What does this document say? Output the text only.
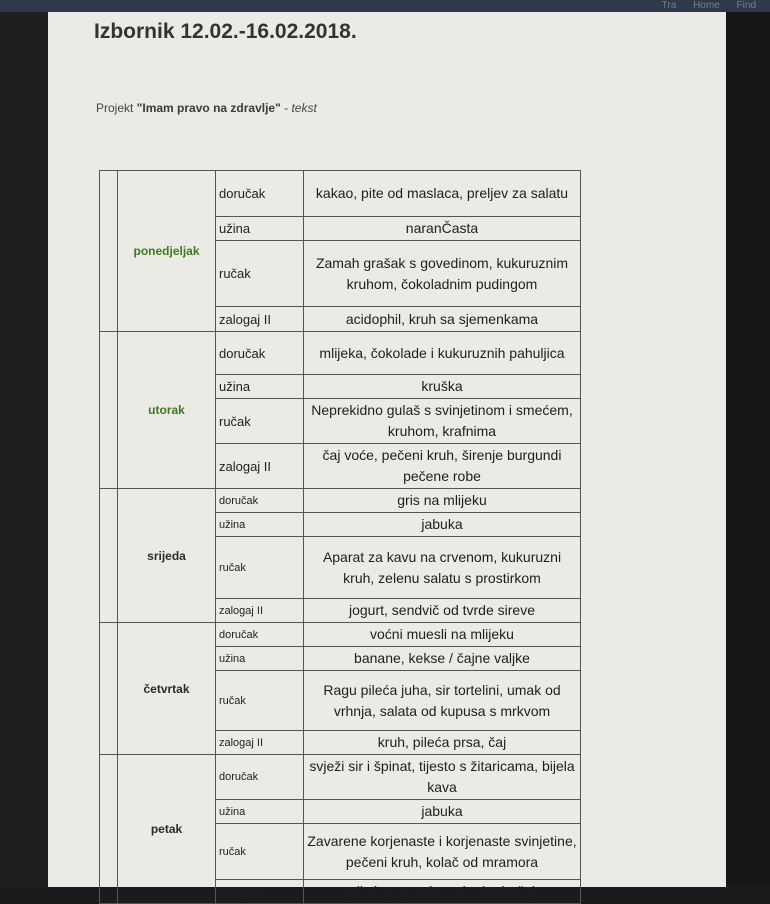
Tra Home Find
Izbornik 12.02.-16.02.2018.
Projekt "Imam pravo na zdravlje" - tekst
	ponedjeljak	doručak	kakao, pite od maslaca, preljev za salatu
		užina	naranČasta
		ručak	Zamah grašak s govedinom, kukuruznim kruhom, čokoladnim pudingom
		zalogaj II	acidophil, kruh sa sjemenkama
	utorak	doručak	mlijeka, čokolade i kukuruznih pahuljica
		užina	kruška
		ručak	Neprekidno gulaš s svinjetinom i smećem, kruhom, krafnima
		zalogaj II	čaj voće, pečeni kruh, širenje burgundi pečene robe
	srijeda	doručak	gris na mlijeku
		užina	jabuka
		ručak	Aparat za kavu na crvenom, kukuruzni kruh, zelenu salatu s prostirkom
		zalogaj II	jogurt, sendvič od tvrde sireve
	četvrtak	doručak	voćni muesli na mlijeku
		užina	banane, kekse / čajne valjke
		ručak	Ragu pileća juha, sir tortelini, umak od vrhnja, salata od kupusa s mrkvom
		zalogaj II	kruh, pileća prsa, čaj
	petak	doručak	svježi sir i špinat, tijesto s žitaricama, bijela kava
		užina	jabuka
		ručak	Zavarene korjenaste i korjenaste svinjetine, pečeni kruh, kolač od mramora
		zalogaj II	pileća papa domaće, kruh, čaj
